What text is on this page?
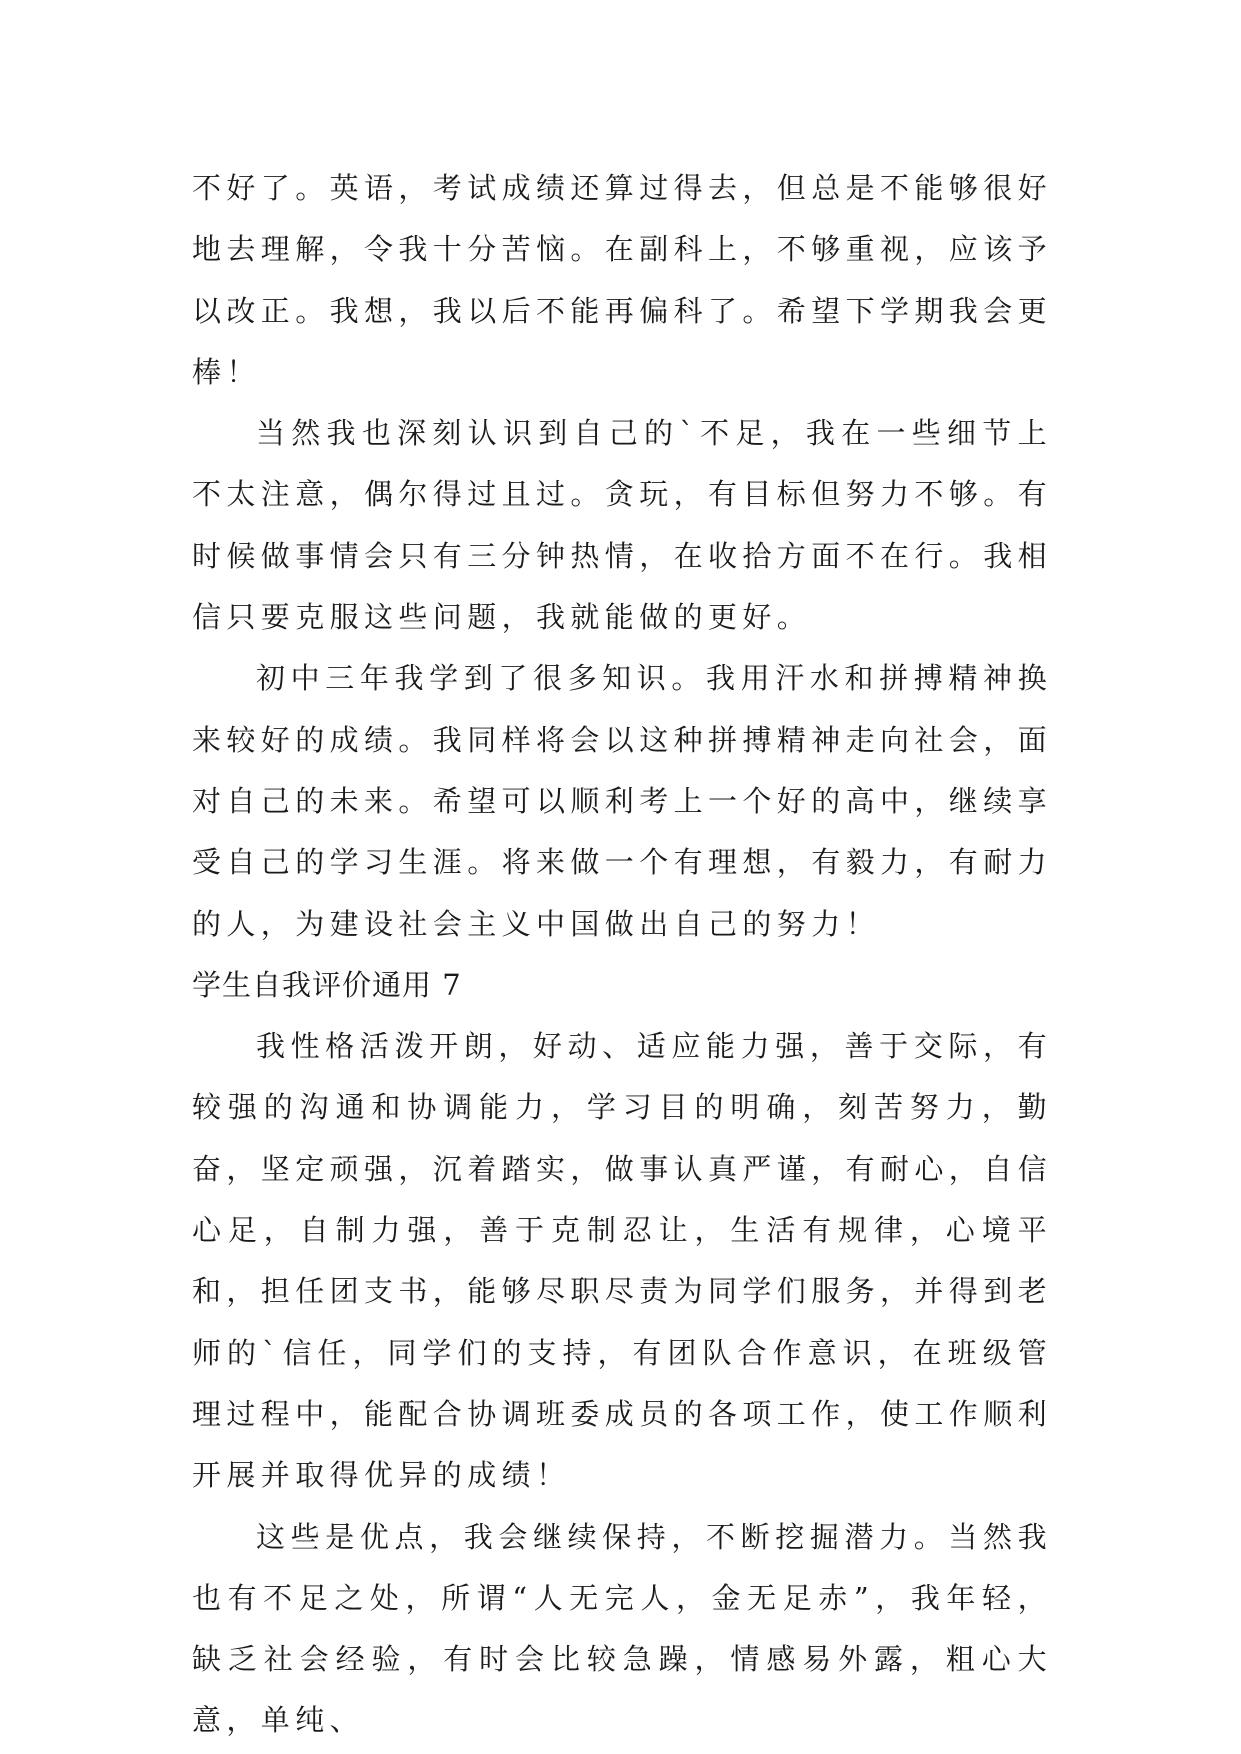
不好了。英语，考试成绩还算过得去，但总是不能够很好地去理解，令我十分苦恼。在副科上，不够重视，应该予以改正。我想，我以后不能再偏科了。希望下学期我会更棒！

当然我也深刻认识到自己的`不足，我在一些细节上不太注意，偶尔得过且过。贪玩，有目标但努力不够。有时候做事情会只有三分钟热情，在收拾方面不在行。我相信只要克服这些问题，我就能做的更好。

初中三年我学到了很多知识。我用汗水和拼搏精神换来较好的成绩。我同样将会以这种拼搏精神走向社会，面对自己的未来。希望可以顺利考上一个好的高中，继续享受自己的学习生涯。将来做一个有理想，有毅力，有耐力的人，为建设社会主义中国做出自己的努力！

学生自我评价通用 7

我性格活泼开朗，好动、适应能力强，善于交际，有较强的沟通和协调能力，学习目的明确，刻苦努力，勤奋，坚定顽强，沉着踏实，做事认真严谨，有耐心，自信心足，自制力强，善于克制忍让，生活有规律，心境平和，担任团支书，能够尽职尽责为同学们服务，并得到老师的`信任，同学们的支持，有团队合作意识，在班级管理过程中，能配合协调班委成员的各项工作，使工作顺利开展并取得优异的成绩！

这些是优点，我会继续保持，不断挖掘潜力。当然我也有不足之处，所谓“人无完人，金无足赤”，我年轻，缺乏社会经验，有时会比较急躁，情感易外露，粗心大意，单纯、
